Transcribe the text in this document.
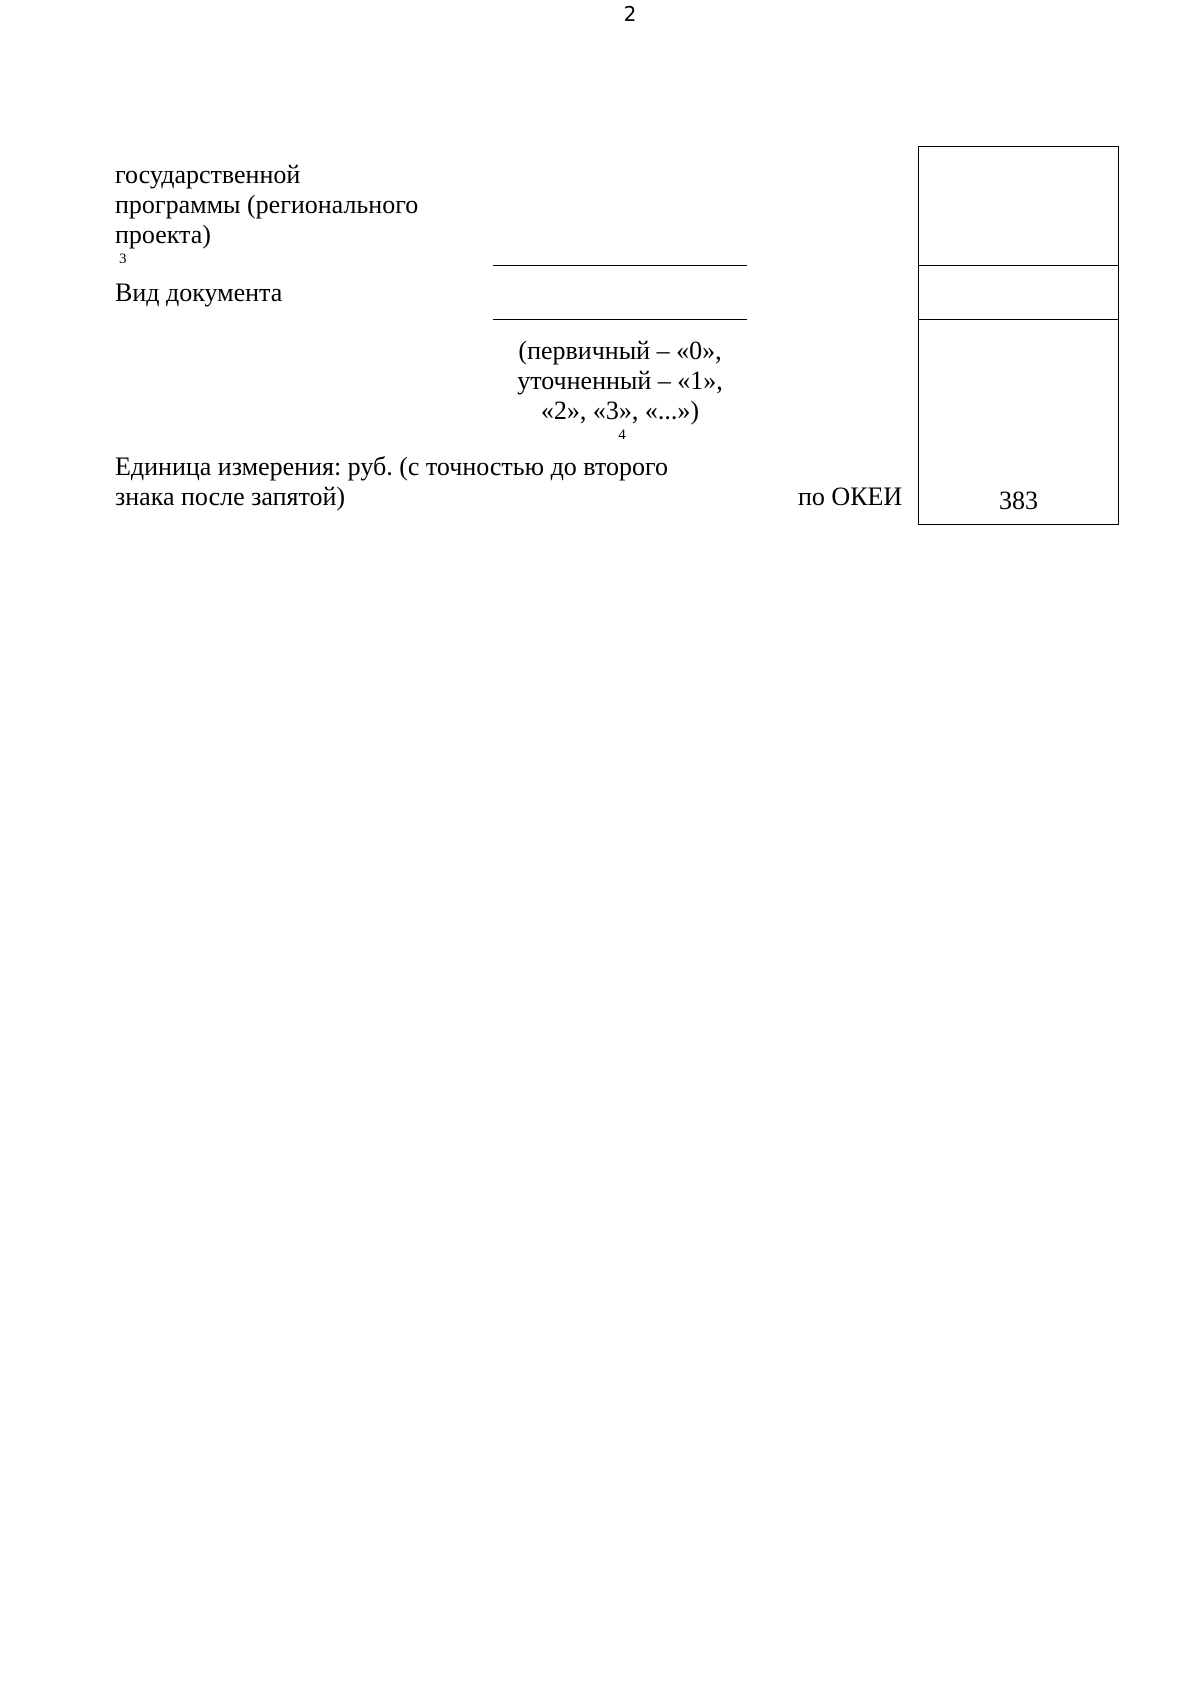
2
государственной
программы (регионального
проекта)
$^3$
Вид документа
(первичный – «0»,
уточненный – «1»,
«2», «3», «...»)
$^4$
Единица измерения: руб. (с точностью до второго
знака после запятой)	по ОКЕИ	383
